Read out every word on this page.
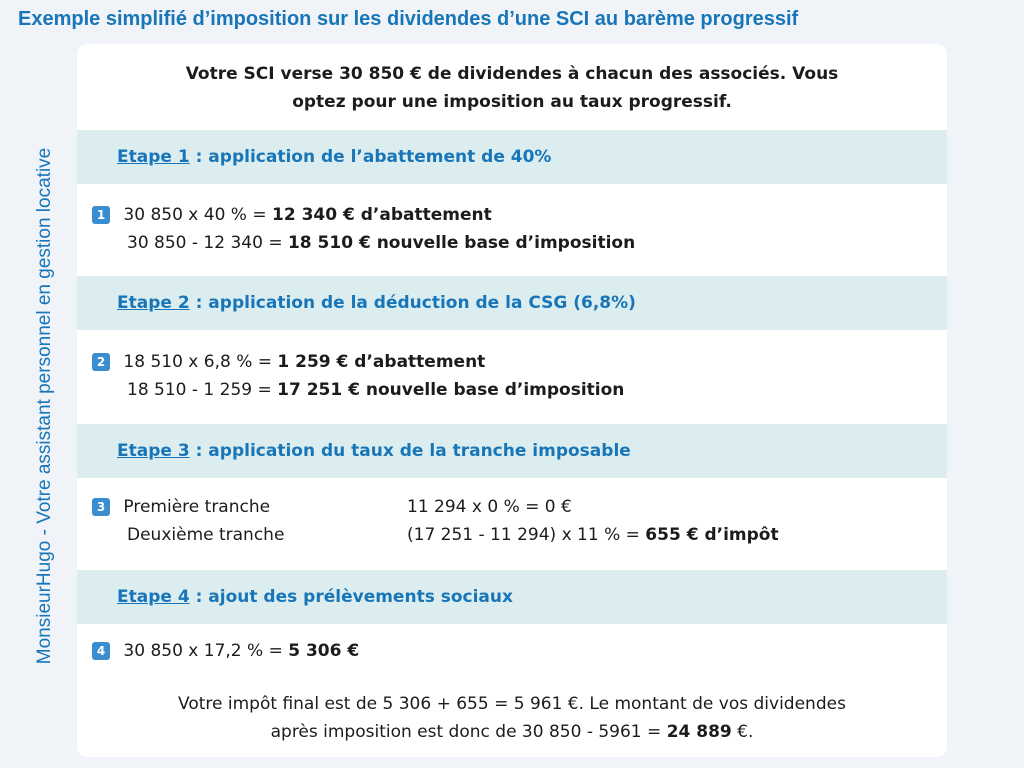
Exemple simplifié d’imposition sur les dividendes d’une SCI au barème progressif
MonsieurHugo - Votre assistant personnel en gestion locative
Votre SCI verse 30 850 € de dividendes à chacun des associés. Vous
optez pour une imposition au taux progressif.
Etape 1 : application de l’abattement de 40%
1 30 850 x 40 % = 12 340 € d’abattement
30 850 - 12 340 = 18 510 € nouvelle base d’imposition
Etape 2 : application de la déduction de la CSG (6,8%)
2 18 510 x 6,8 % = 1 259 € d’abattement
18 510 - 1 259 = 17 251 € nouvelle base d’imposition
Etape 3 : application du taux de la tranche imposable
3 Première tranche	11 294 x 0 % = 0 €
Deuxième tranche	(17 251 - 11 294) x 11 % = 655 € d’impôt
Etape 4 : ajout des prélèvements sociaux
4 30 850 x 17,2 % = 5 306 €
Votre impôt final est de 5 306 + 655 = 5 961 €. Le montant de vos dividendes
après imposition est donc de 30 850 - 5961 = 24 889 €.
